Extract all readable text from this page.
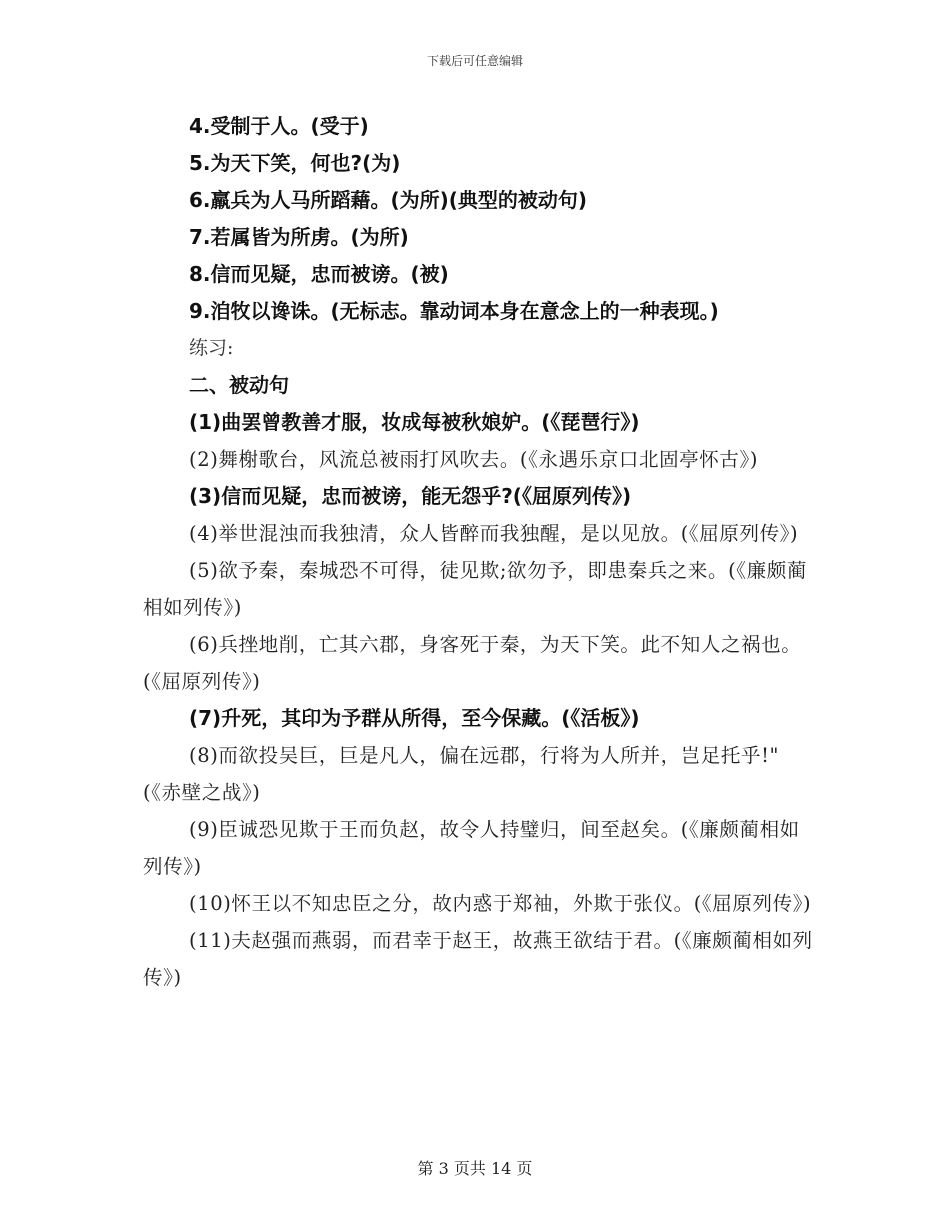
下载后可任意编辑

4.受制于人。(受于)

5.为天下笑，何也?(为)

6.羸兵为人马所蹈藉。(为所)(典型的被动句)

7.若属皆为所虏。(为所)

8.信而见疑，忠而被谤。(被)

9.洎牧以谗诛。(无标志。靠动词本身在意念上的一种表现。)

练习:

二、被动句

(1)曲罢曾教善才服，妆成每被秋娘妒。(《琵琶行》)

(2)舞榭歌台，风流总被雨打风吹去。(《永遇乐京口北固亭怀古》)

(3)信而见疑，忠而被谤，能无怨乎?(《屈原列传》)

(4)举世混浊而我独清，众人皆醉而我独醒，是以见放。(《屈原列传》)

(5)欲予秦，秦城恐不可得，徒见欺;欲勿予，即患秦兵之来。(《廉颇蔺相如列传》)

(6)兵挫地削，亡其六郡，身客死于秦，为天下笑。此不知人之祸也。(《屈原列传》)

(7)升死，其印为予群从所得，至今保藏。(《活板》)

(8)而欲投吴巨，巨是凡人，偏在远郡，行将为人所并，岂足托乎!"(《赤壁之战》)

(9)臣诚恐见欺于王而负赵，故令人持璧归，间至赵矣。(《廉颇蔺相如列传》)

(10)怀王以不知忠臣之分，故内惑于郑袖，外欺于张仪。(《屈原列传》)

(11)夫赵强而燕弱，而君幸于赵王，故燕王欲结于君。(《廉颇蔺相如列传》)

第 3 页共 14 页
